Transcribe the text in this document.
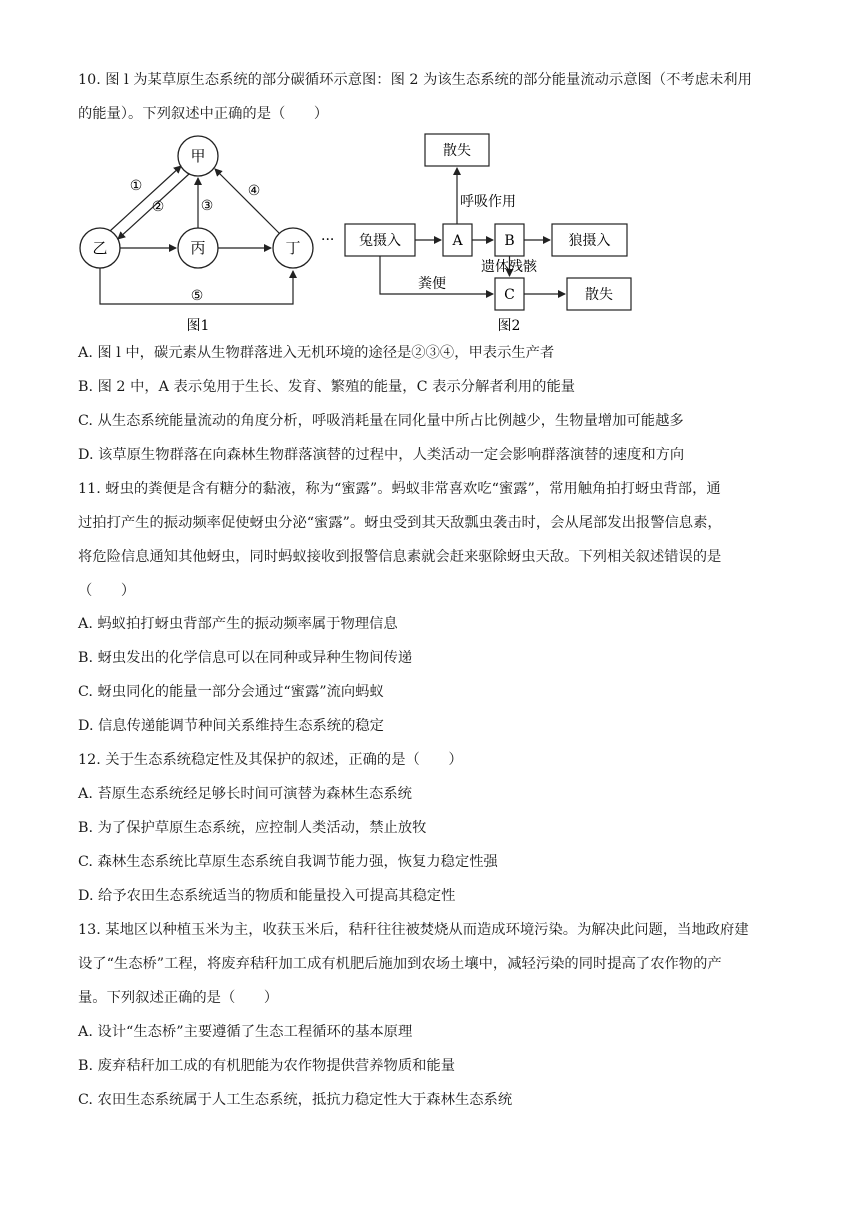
10. 图 l 为某草原生态系统的部分碳循环示意图：图 2 为该生态系统的部分能量流动示意图（不考虑未利用
的能量）。下列叙述中正确的是（　　）
甲
乙	丙	丁
①
②	③
④
⑤
图1
··· 兔摄入	A	B	狼摄入
散失
C	散失
呼吸作用
遗体残骸
粪便
图2
A. 图 l 中，碳元素从生物群落进入无机环境的途径是②③④，甲表示生产者
B. 图 2 中，A 表示兔用于生长、发育、繁殖的能量，C 表示分解者利用的能量
C. 从生态系统能量流动的角度分析，呼吸消耗量在同化量中所占比例越少，生物量增加可能越多
D. 该草原生物群落在向森林生物群落演替的过程中，人类活动一定会影响群落演替的速度和方向
11. 蚜虫的粪便是含有糖分的黏液，称为“蜜露”。蚂蚁非常喜欢吃“蜜露”，常用触角拍打蚜虫背部，通
过拍打产生的振动频率促使蚜虫分泌“蜜露”。蚜虫受到其天敌瓢虫袭击时，会从尾部发出报警信息素，
将危险信息通知其他蚜虫，同时蚂蚁接收到报警信息素就会赶来驱除蚜虫天敌。下列相关叙述错误的是
（　　）
A. 蚂蚁拍打蚜虫背部产生的振动频率属于物理信息
B. 蚜虫发出的化学信息可以在同种或异种生物间传递
C. 蚜虫同化的能量一部分会通过“蜜露”流向蚂蚁
D. 信息传递能调节种间关系维持生态系统的稳定
12. 关于生态系统稳定性及其保护的叙述，正确的是（　　）
A. 苔原生态系统经足够长时间可演替为森林生态系统
B. 为了保护草原生态系统，应控制人类活动，禁止放牧
C. 森林生态系统比草原生态系统自我调节能力强，恢复力稳定性强
D. 给予农田生态系统适当的物质和能量投入可提高其稳定性
13. 某地区以种植玉米为主，收获玉米后，秸秆往往被焚烧从而造成环境污染。为解决此问题，当地政府建
设了“生态桥”工程，将废弃秸秆加工成有机肥后施加到农场土壤中，减轻污染的同时提高了农作物的产
量。下列叙述正确的是（　　）
A. 设计“生态桥”主要遵循了生态工程循环的基本原理
B. 废弃秸秆加工成的有机肥能为农作物提供营养物质和能量
C. 农田生态系统属于人工生态系统，抵抗力稳定性大于森林生态系统
